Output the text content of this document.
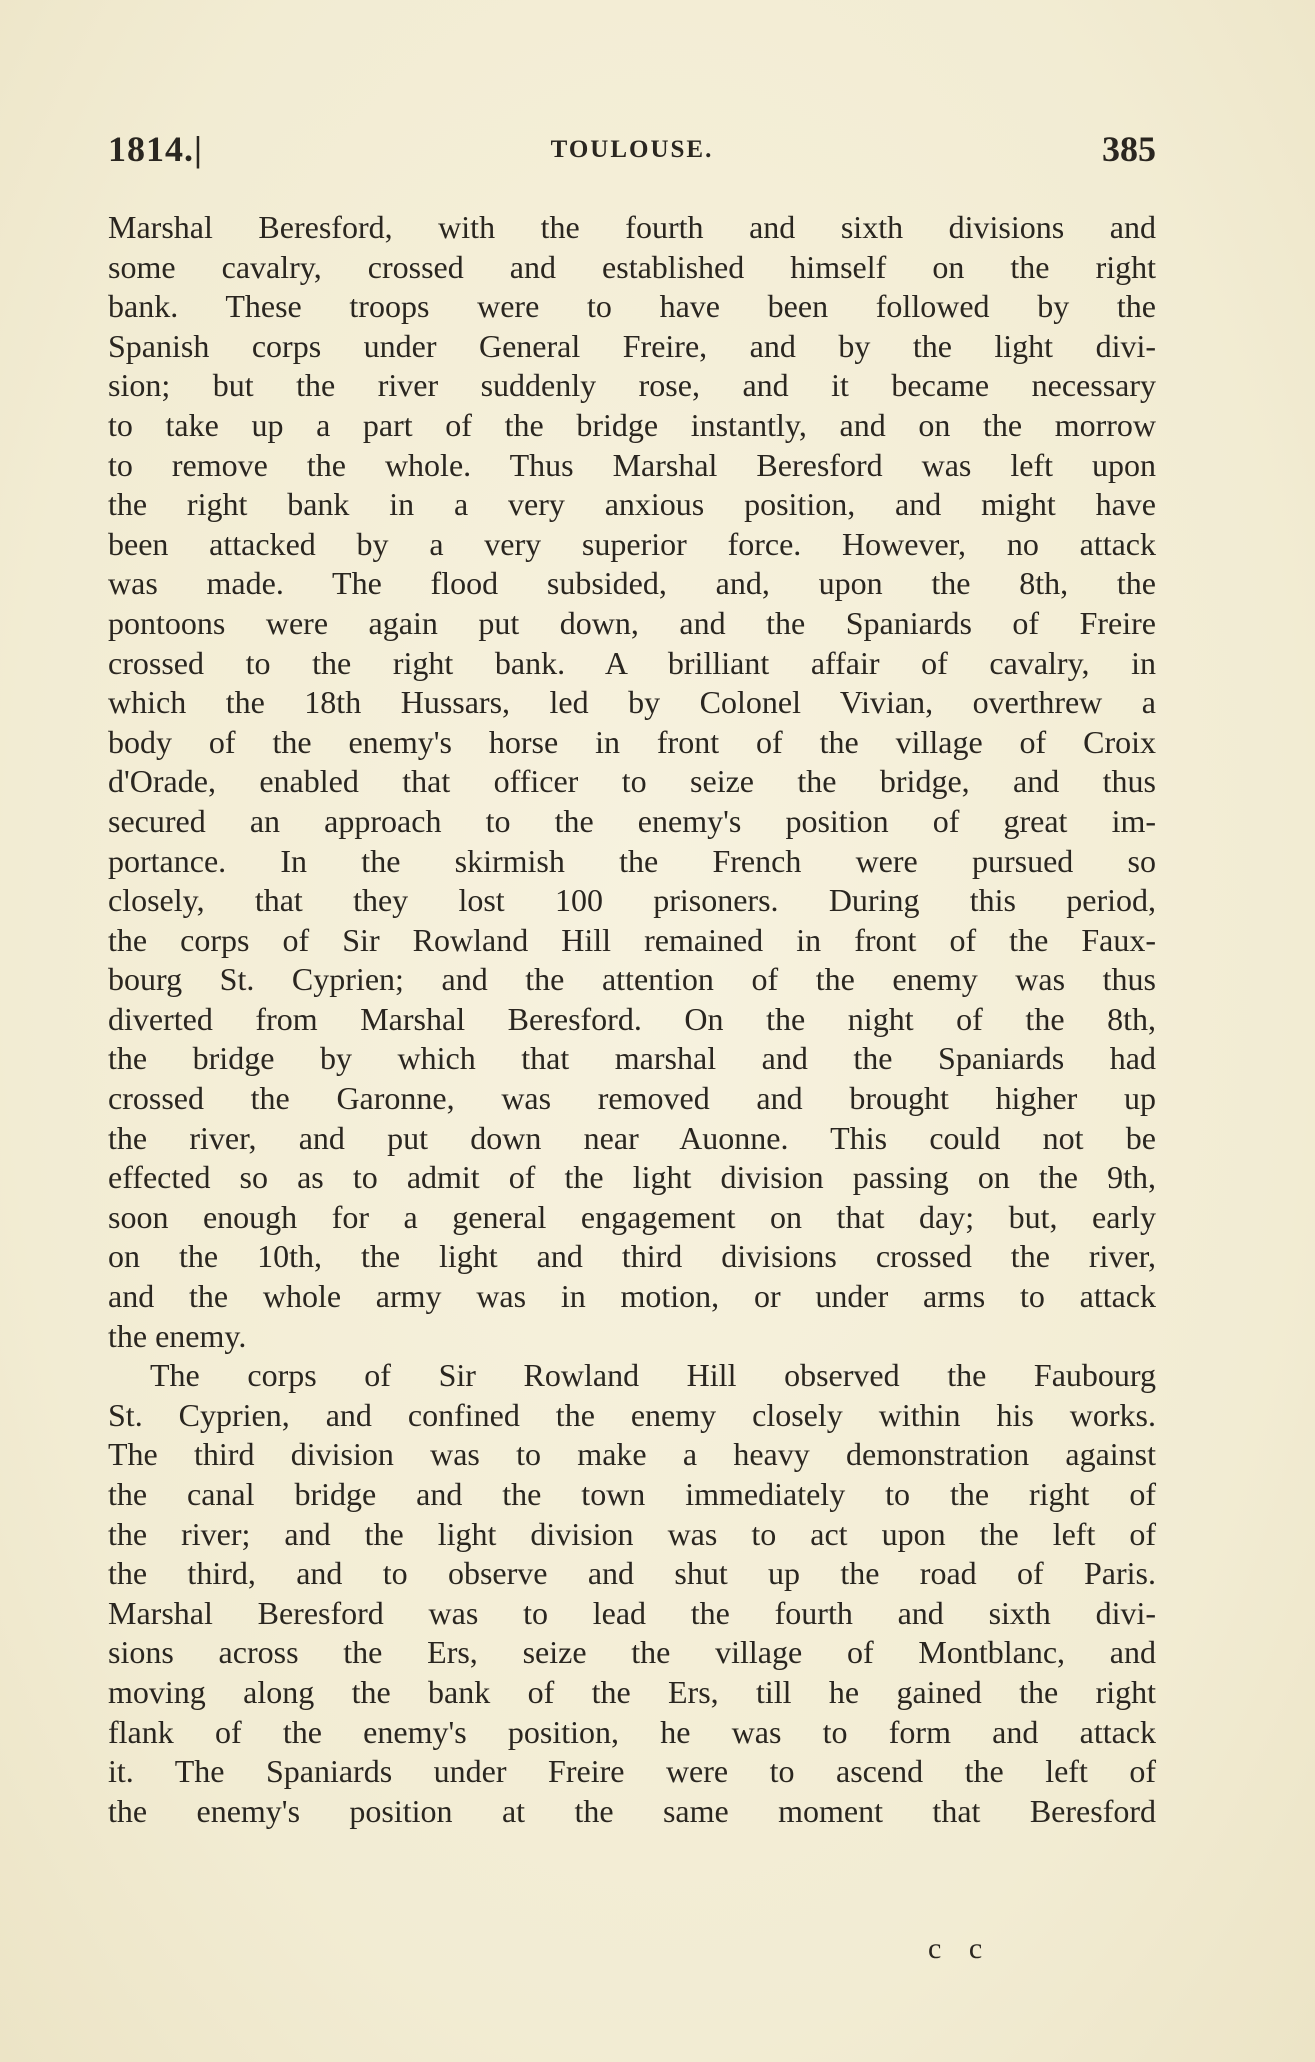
1814.|	TOULOUSE.	385
Marshal Beresford, with the fourth and sixth divisions and
some cavalry, crossed and established himself on the right
bank. These troops were to have been followed by the
Spanish corps under General Freire, and by the light divi-
sion; but the river suddenly rose, and it became necessary
to take up a part of the bridge instantly, and on the morrow
to remove the whole. Thus Marshal Beresford was left upon
the right bank in a very anxious position, and might have
been attacked by a very superior force. However, no attack
was made. The flood subsided, and, upon the 8th, the
pontoons were again put down, and the Spaniards of Freire
crossed to the right bank. A brilliant affair of cavalry, in
which the 18th Hussars, led by Colonel Vivian, overthrew a
body of the enemy's horse in front of the village of Croix
d'Orade, enabled that officer to seize the bridge, and thus
secured an approach to the enemy's position of great im-
portance. In the skirmish the French were pursued so
closely, that they lost 100 prisoners. During this period,
the corps of Sir Rowland Hill remained in front of the Faux-
bourg St. Cyprien; and the attention of the enemy was thus
diverted from Marshal Beresford. On the night of the 8th,
the bridge by which that marshal and the Spaniards had
crossed the Garonne, was removed and brought higher up
the river, and put down near Auonne. This could not be
effected so as to admit of the light division passing on the 9th,
soon enough for a general engagement on that day; but, early
on the 10th, the light and third divisions crossed the river,
and the whole army was in motion, or under arms to attack
the enemy.
The corps of Sir Rowland Hill observed the Faubourg
St. Cyprien, and confined the enemy closely within his works.
The third division was to make a heavy demonstration against
the canal bridge and the town immediately to the right of
the river; and the light division was to act upon the left of
the third, and to observe and shut up the road of Paris.
Marshal Beresford was to lead the fourth and sixth divi-
sions across the Ers, seize the village of Montblanc, and
moving along the bank of the Ers, till he gained the right
flank of the enemy's position, he was to form and attack
it. The Spaniards under Freire were to ascend the left of
the enemy's position at the same moment that Beresford
c c
